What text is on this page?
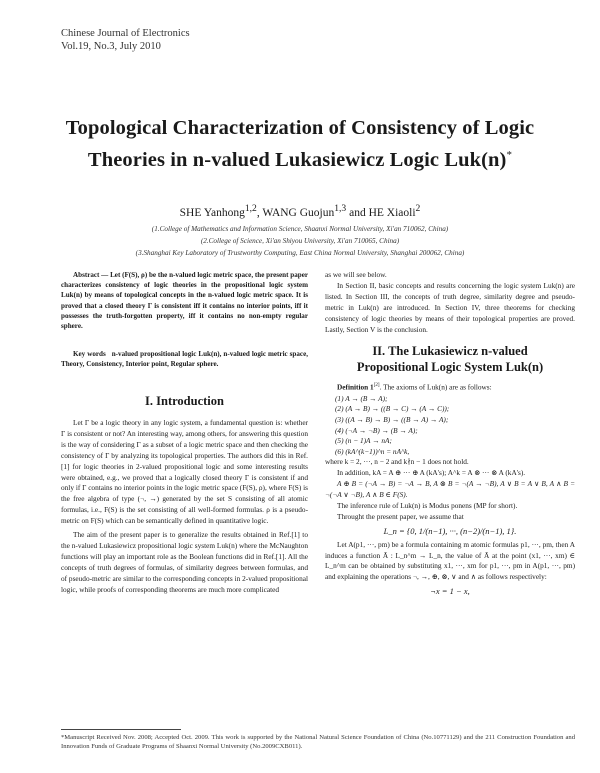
Chinese Journal of Electronics
Vol.19, No.3, July 2010
Topological Characterization of Consistency of Logic Theories in n-valued Lukasiewicz Logic Luk(n)*
SHE Yanhong$^{1,2}$, WANG Guojun$^{1,3}$ and HE Xiaoli$^2$
(1.College of Mathematics and Information Science, Shaanxi Normal University, Xi'an 710062, China)
(2.College of Science, Xi'an Shiyou University, Xi'an 710065, China)
(3.Shanghai Key Laboratory of Trustworthy Computing, East China Normal University, Shanghai 200062, China)

Abstract — Let (F(S), ρ) be the n-valued logic metric space, the present paper characterizes consistency of logic theories in the propositional logic system Luk(n) by means of topological concepts in the n-valued logic metric space. It is proved that a closed theory Γ is consistent iff it contains no interior points, iff it possesses the truth-forgotten property, iff it contains no non-empty regular sphere.

Key words n-valued propositional logic Luk(n), n-valued logic metric space, Theory, Consistency, Interior point, Regular sphere.

I. Introduction

Let Γ be a logic theory in any logic system, a fundamental question is: whether Γ is consistent or not? An interesting way, among others, for answering this question is the way of considering Γ as a subset of a logic metric space and then checking the consistency of Γ by analyzing its topological properties. The authors did this in Ref.[1] for logic theories in 2-valued propositional logic and some interesting results were obtained, e.g., we proved that a logically closed theory Γ is consistent if and only if Γ contains no interior points in the logic metric space (F(S), ρ), where F(S) is the free algebra of type (¬, →) generated by the set S consisting of all atomic formulas, i.e., F(S) is the set consisting of all well-formed formulas. ρ is a pseudo-metric on F(S) which can be semantically defined in quantitative logic.

The aim of the present paper is to generalize the results obtained in Ref.[1] to the n-valued Lukasiewicz propositional logic system Luk(n) where the McNaughton functions will play an important role as the Boolean functions did in Ref.[1]. All the concepts of truth degrees of formulas, of similarity degrees between formulas, and of pseudo-metric are similar to the corresponding concepts in 2-valued propositional logic, while proofs of corresponding theorems are much more complicated

as we will see below.

In Section II, basic concepts and results concerning the logic system Luk(n) are listed. In Section III, the concepts of truth degree, similarity degree and pseudo-metric in Luk(n) are introduced. In Section IV, three theorems for checking consistency of logic theories by means of their topological properties are proved. Lastly, Section V is the conclusion.

II. The Lukasiewicz n-valued
Propositional Logic System Luk(n)

Definition 1[2]. The axioms of Luk(n) are as follows:

(1) A → (B → A);
(2) (A → B) → ((B → C) → (A → C));
(3) ((A → B) → B) → ((B → A) → A);
(4) (¬A → ¬B) → (B → A);
(5) (n − 1)A → nA;
(6) (kA^(k−1))^n = nA^k,

where k = 2, ···, n − 2 and k∤n − 1 does not hold.

In addition, kA = A ⊕ ··· ⊕ A (kA's); A^k = A ⊗ ··· ⊗ A (kA's).

A ⊕ B = (¬A → B) = ¬A → B, A ⊗ B = ¬(A → ¬B), A ∨ B = A ∨ B, A ∧ B = ¬(¬A ∨ ¬B), A ∧ B ∈ F(S).

The inference rule of Luk(n) is Modus ponens (MP for short).

Throught the present paper, we assume that

L_n = {0, 1/(n−1), ···, (n−2)/(n−1), 1}.

Let A(p1, ···, pm) be a formula containing m atomic formulas p1, ···, pm, then A induces a function Ā : L_n^m → L_n, the value of Ā at the point (x1, ···, xm) ∈ L_n^m can be obtained by substituting x1, ···, xm for p1, ···, pm in A(p1, ···, pm) and explaining the operations ¬, →, ⊕, ⊗, ∨ and ∧ as follows respectively:

¬x = 1 − x,
*Manuscript Received Nov. 2008; Accepted Oct. 2009. This work is supported by the National Natural Science Foundation of China (No.10771129) and the 211 Construction Foundation and Innovation Funds of Graduate Programs of Shaanxi Normal University (No.2009CXB011).
